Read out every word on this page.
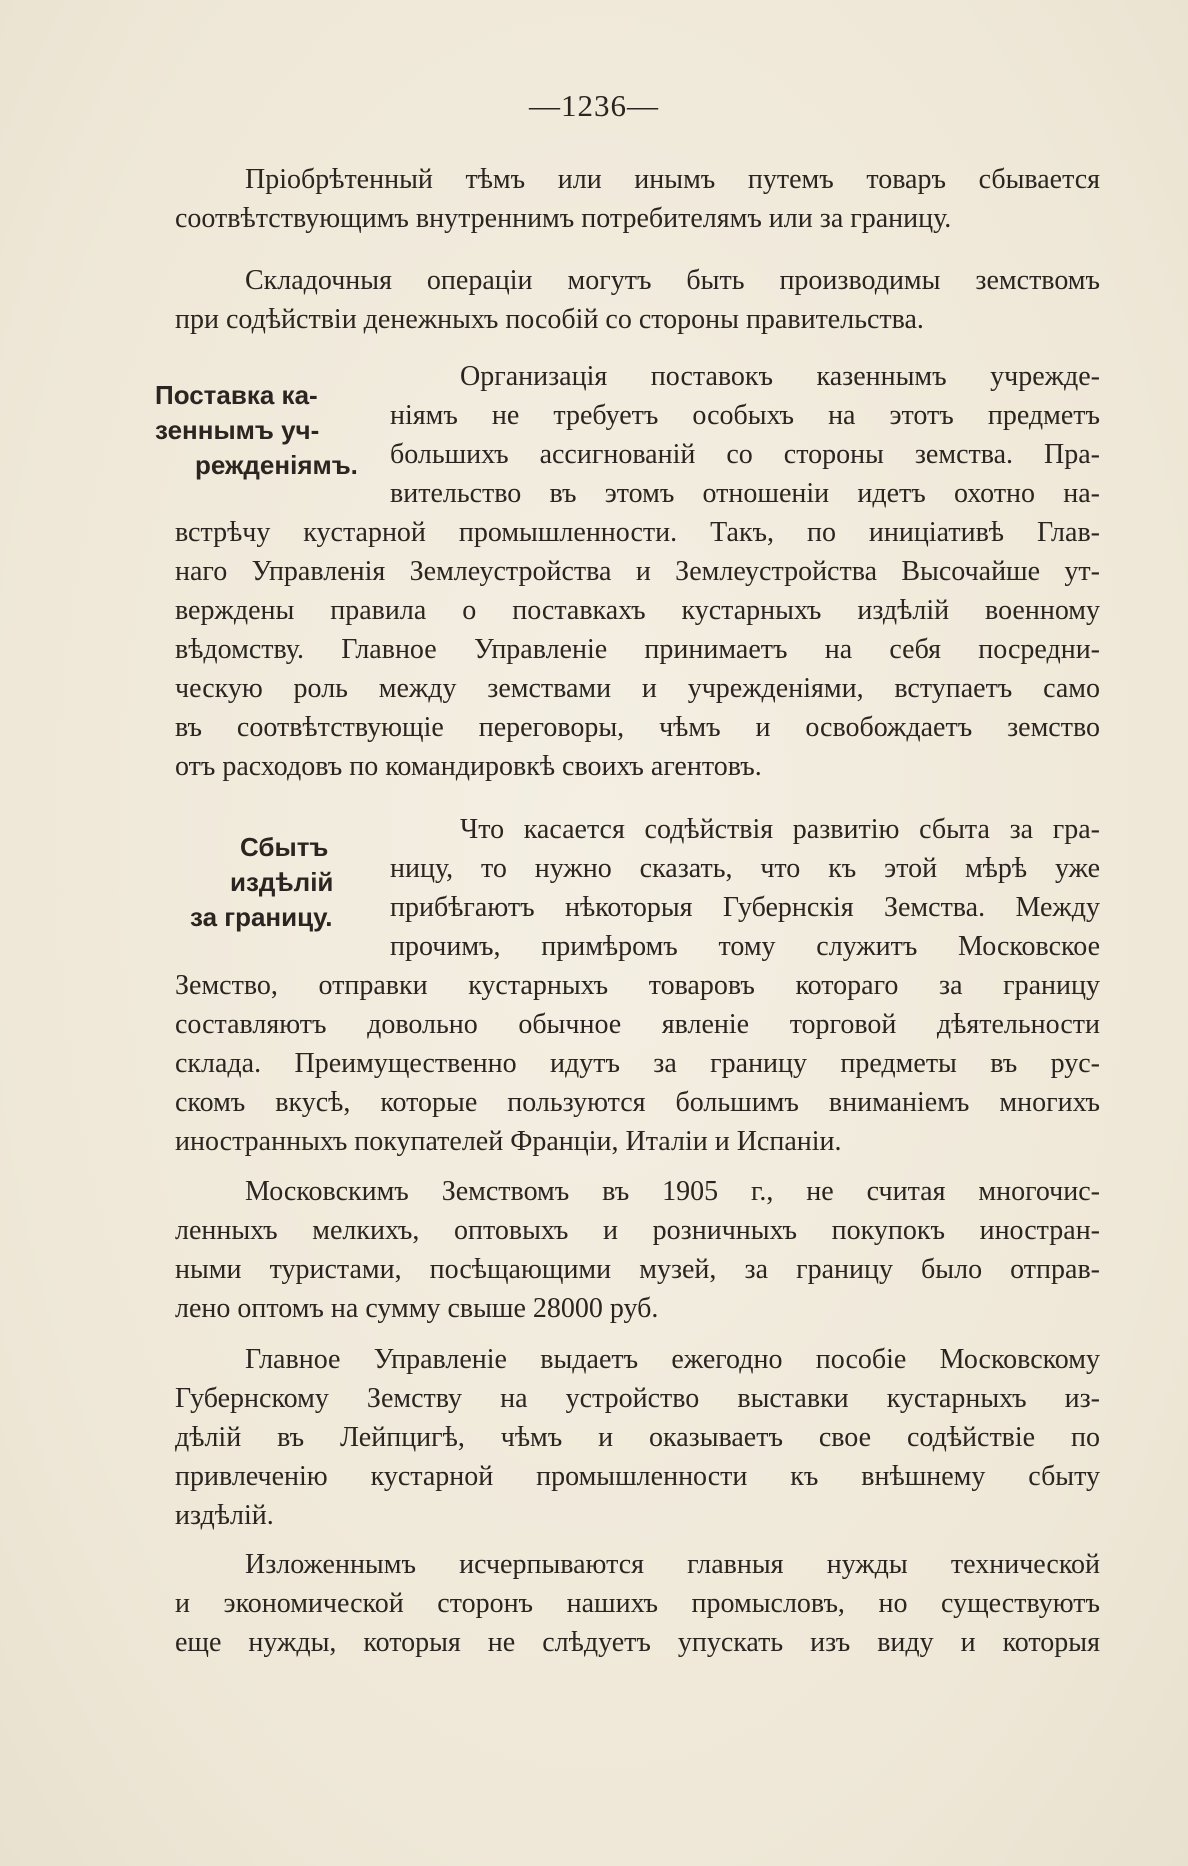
—1236—
Пріобрѣтенный тѣмъ или инымъ путемъ товаръ сбывается
соотвѣтствующимъ внутреннимъ потребителямъ или за границу.
Складочныя операціи могутъ быть производимы земствомъ
при содѣйствіи денежныхъ пособій со стороны правительства.
Поставка ка-
зеннымъ уч-
режденіямъ.
Организація поставокъ казеннымъ учрежде-
ніямъ не требуетъ особыхъ на этотъ предметъ
большихъ ассигнованій со стороны земства. Пра-
вительство въ этомъ отношеніи идетъ охотно на-
встрѣчу кустарной промышленности. Такъ, по иниціативѣ Глав-
наго Управленія Землеустройства и Землеустройства Высочайше ут-
верждены правила о поставкахъ кустарныхъ издѣлій военному
вѣдомству. Главное Управленіе принимаетъ на себя посредни-
ческую роль между земствами и учрежденіями, вступаетъ само
въ соотвѣтствующіе переговоры, чѣмъ и освобождаетъ земство
отъ расходовъ по командировкѣ своихъ агентовъ.
Сбытъ
издѣлій
за границу.
Что касается содѣйствія развитію сбыта за гра-
ницу, то нужно сказать, что къ этой мѣрѣ уже
прибѣгаютъ нѣкоторыя Губернскія Земства. Между
прочимъ, примѣромъ тому служитъ Московское
Земство, отправки кустарныхъ товаровъ котораго за границу
составляютъ довольно обычное явленіе торговой дѣятельности
склада. Преимущественно идутъ за границу предметы въ рус-
скомъ вкусѣ, которые пользуются большимъ вниманіемъ многихъ
иностранныхъ покупателей Франціи, Италіи и Испаніи.
Московскимъ Земствомъ въ 1905 г., не считая многочис-
ленныхъ мелкихъ, оптовыхъ и розничныхъ покупокъ иностран-
ными туристами, посѣщающими музей, за границу было отправ-
лено оптомъ на сумму свыше 28000 руб.
Главное Управленіе выдаетъ ежегодно пособіе Московскому
Губернскому Земству на устройство выставки кустарныхъ из-
дѣлій въ Лейпцигѣ, чѣмъ и оказываетъ свое содѣйствіе по
привлеченію кустарной промышленности къ внѣшнему сбыту
издѣлій.
Изложеннымъ исчерпываются главныя нужды технической
и экономической сторонъ нашихъ промысловъ, но существуютъ
еще нужды, которыя не слѣдуетъ упускать изъ виду и которыя
